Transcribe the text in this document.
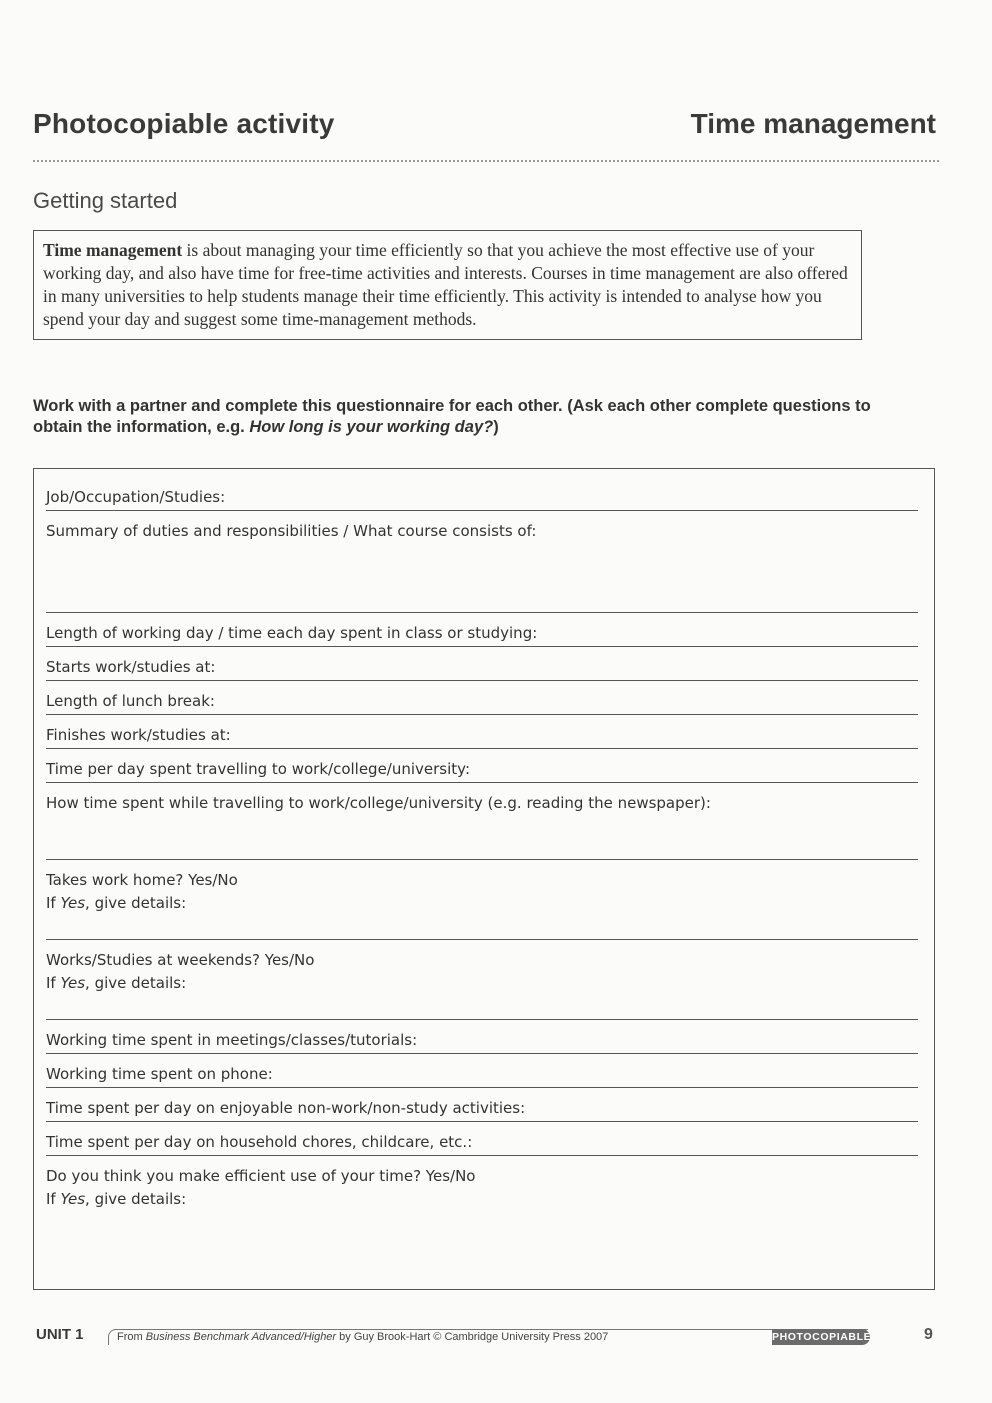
Photocopiable activity	Time management
Getting started
Time management is about managing your time efficiently so that you achieve the most effective use of your working day, and also have time for free-time activities and interests. Courses in time management are also offered in many universities to help students manage their time efficiently. This activity is intended to analyse how you spend your day and suggest some time-management methods.
Work with a partner and complete this questionnaire for each other. (Ask each other complete questions to obtain the information, e.g. How long is your working day?)
Job/Occupation/Studies:
Summary of duties and responsibilities / What course consists of:
Length of working day / time each day spent in class or studying:
Starts work/studies at:
Length of lunch break:
Finishes work/studies at:
Time per day spent travelling to work/college/university:
How time spent while travelling to work/college/university (e.g. reading the newspaper):
Takes work home? Yes/No
If Yes, give details:
Works/Studies at weekends? Yes/No
If Yes, give details:
Working time spent in meetings/classes/tutorials:
Working time spent on phone:
Time spent per day on enjoyable non-work/non-study activities:
Time spent per day on household chores, childcare, etc.:
Do you think you make efficient use of your time? Yes/No
If Yes, give details:
UNIT 1	From Business Benchmark Advanced/Higher by Guy Brook-Hart © Cambridge University Press 2007	PHOTOCOPIABLE	9
